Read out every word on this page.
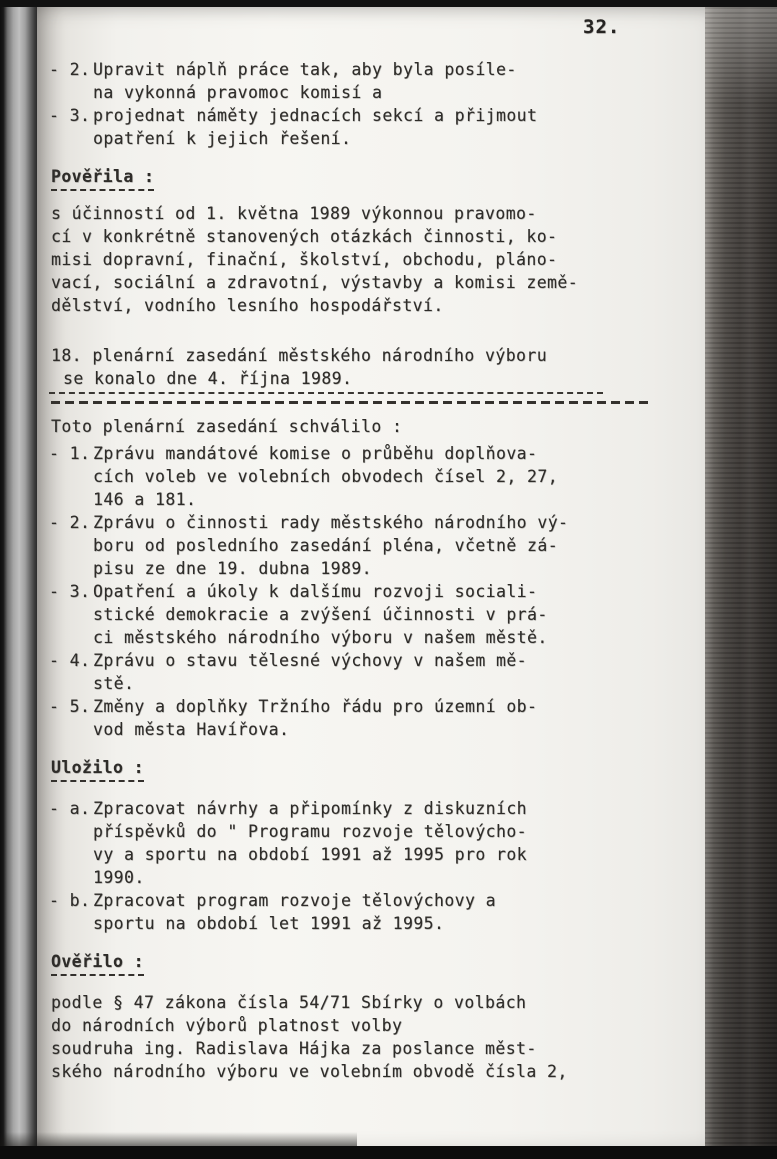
32.
- 2. Upravit náplň práce tak, aby byla posíle-
na vykonná pravomoc komisí a
- 3. projednat náměty jednacích sekcí a přijmout
opatření k jejich řešení.
Pověřila :
s účinností od 1. května 1989 výkonnou pravomo-
cí v konkrétně stanovených otázkách činnosti, ko-
misi dopravní, finační, školství, obchodu, pláno-
vací, sociální a zdravotní, výstavby a komisi země-
dělství, vodního lesního hospodářství.
18. plenární zasedání městského národního výboru
se konalo dne 4. října 1989.
Toto plenární zasedání schválilo :
- 1. Zprávu mandátové komise o průběhu doplňova-
cích voleb ve volebních obvodech čísel 2, 27,
146 a 181.
- 2. Zprávu o činnosti rady městského národního vý-
boru od posledního zasedání pléna, včetně zá-
pisu ze dne 19. dubna 1989.
- 3. Opatření a úkoly k dalšímu rozvoji sociali-
stické demokracie a zvýšení účinnosti v prá-
ci městského národního výboru v našem městě.
- 4. Zprávu o stavu tělesné výchovy v našem mě-
stě.
- 5. Změny a doplňky Tržního řádu pro územní ob-
vod města Havířova.
Uložilo :
- a. Zpracovat návrhy a připomínky z diskuzních
příspěvků do " Programu rozvoje tělovýcho-
vy a sportu na období 1991 až 1995 pro rok
1990.
- b. Zpracovat program rozvoje tělovýchovy a
sportu na období let 1991 až 1995.
Ověřilo :
podle § 47 zákona čísla 54/71 Sbírky o volbách
do národních výborů platnost volby
soudruha ing. Radislava Hájka za poslance měst-
ského národního výboru ve volebním obvodě čísla 2,
